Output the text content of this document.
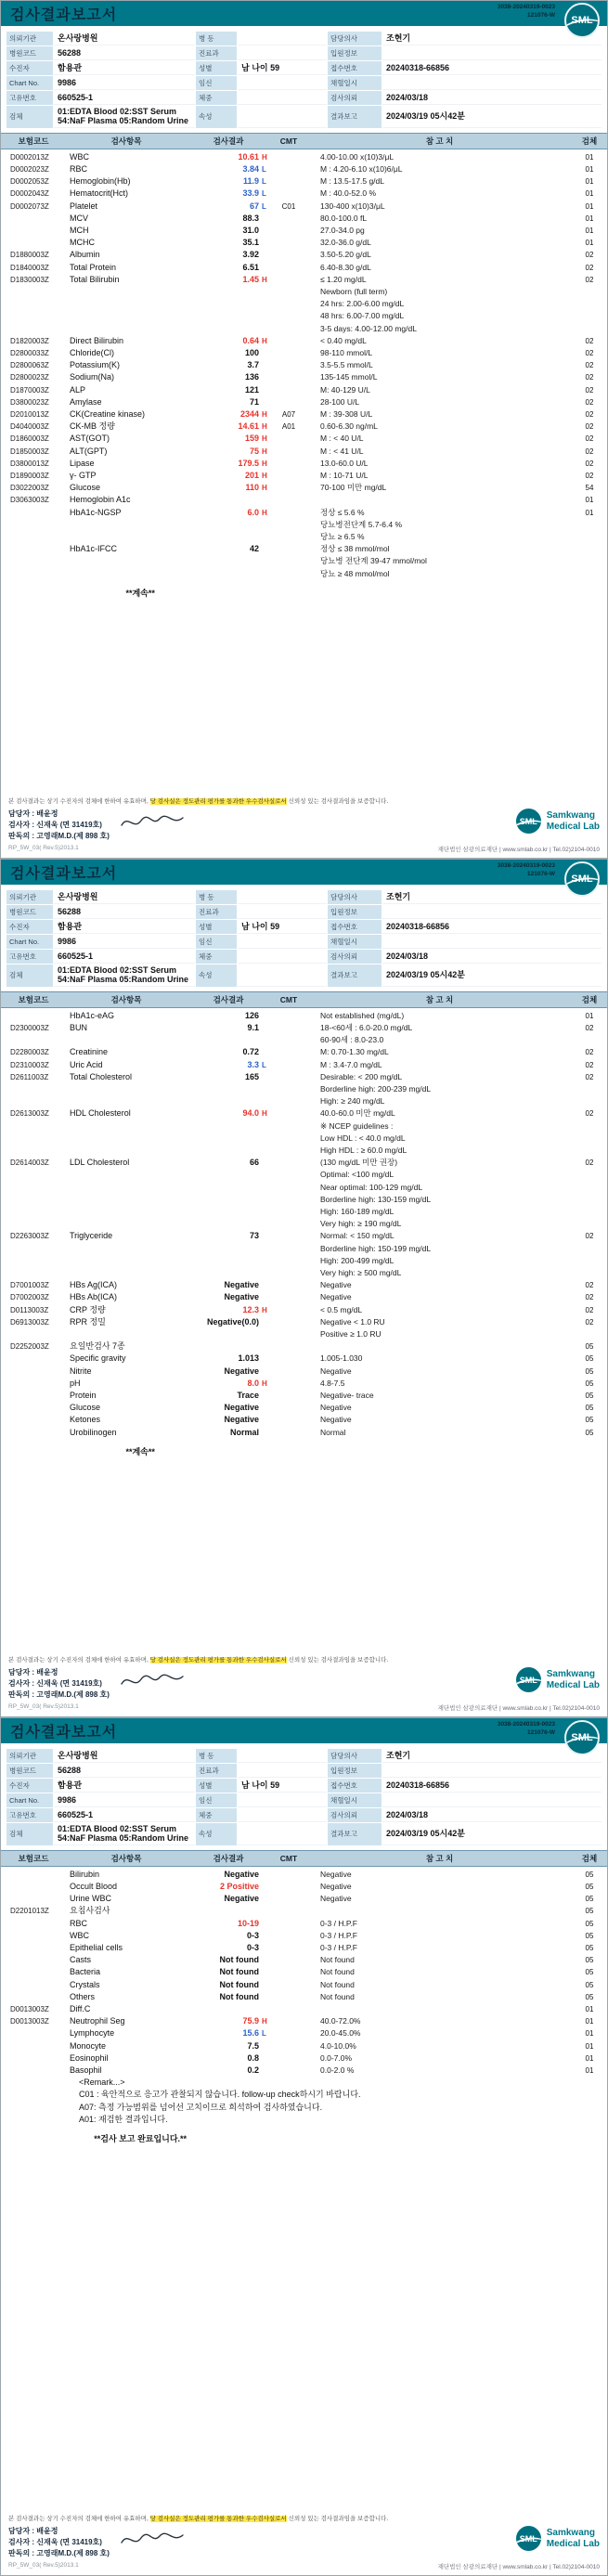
검사결과보고서
3038-20240319-0023
121076-W SML
의뢰기관	온사랑병원	병 동	담당의사	조현기
병원코드	56288	진료과	입원정보
수진자	함용관	성별	남 나이 59	접수번호	20240318-66856
Chart No.	9986	임신	채혈일시
고유번호	660525-1	체중	검사의뢰	2024/03/18
검체
01:EDTA Blood 02:SST Serum
54:NaF Plasma 05:Random Urine	속성	결과보고	2024/03/19 05시42분
보험코드	검사항목	검사결과	CMT	참 고 치	검체
D0002013Z	WBC	10.61 H	4.00-10.00 x(10)3/μL	01
D0002023Z	RBC	3.84 L	M : 4.20-6.10 x(10)6/μL	01
D0002053Z	Hemoglobin(Hb)	11.9 L	M : 13.5-17.5 g/dL	01
D0002043Z	Hematocrit(Hct)	33.9 L	M : 40.0-52.0 %	01
D0002073Z	Platelet	67 L	C01	130-400 x(10)3/μL	01
MCV	88.3	80.0-100.0 fL	01
MCH	31.0	27.0-34.0 pg	01
MCHC	35.1	32.0-36.0 g/dL	01
D1880003Z	Albumin	3.92	3.50-5.20 g/dL	02
D1840003Z	Total Protein	6.51	6.40-8.30 g/dL	02
D1830003Z	Total Bilirubin	1.45 H	≤ 1.20 mg/dL
Newborn (full term)
24 hrs: 2.00-6.00 mg/dL
48 hrs: 6.00-7.00 mg/dL
3-5 days: 4.00-12.00 mg/dL
02
D1820003Z	Direct Bilirubin	0.64 H	< 0.40 mg/dL	02
D2800033Z	Chloride(Cl)	100	98-110 mmol/L	02
D2800063Z	Potassium(K)	3.7	3.5-5.5 mmol/L	02
D2800023Z	Sodium(Na)	136	135-145 mmol/L	02
D1870003Z	ALP	121	M: 40-129 U/L	02
D3800023Z	Amylase	71	28-100 U/L	02
D2010013Z	CK(Creatine kinase)	2344 H	A07	M : 39-308 U/L	02
D4040003Z	CK-MB 정량	14.61 H	A01	0.60-6.30 ng/mL	02
D1860003Z	AST(GOT)	159 H	M : < 40 U/L	02
D1850003Z	ALT(GPT)	75 H	M : < 41 U/L	02
D3800013Z	Lipase	179.5 H	13.0-60.0 U/L	02
D1890003Z	γ- GTP	201 H	M : 10-71 U/L	02
D3022003Z	Glucose	110 H	70-100 미만 mg/dL	54
D3063003Z	Hemoglobin A1c	01
HbA1c-NGSP	6.0 H	정상 ≤ 5.6 %
당뇨병전단계 5.7-6.4 %
당뇨 ≥ 6.5 %
01
HbA1c-IFCC	42	정상 ≤ 38 mmol/mol
당뇨병 전단계 39-47 mmol/mol
당뇨 ≥ 48 mmol/mol
**계속**
본 검사결과는 상기 수진자의 검체에 한하여 유효하며, 당 검사실은 정도관리 평가를 통과한 우수검사실로서 신뢰성 있는 검사결과임을 보증합니다.
담당자 : 배윤정
검사자 : 신재욱 (면 31419호)
판독의 : 고영래M.D.(제 898 호)
SML
Samkwang
Medical Lab
RP_5W_03( Rev.5)2013.1	재단법인 삼광의료재단 | www.smlab.co.kr | Tel.02)2104-0010
검사결과보고서
3038-20240319-0023
121076-W SML
의뢰기관	온사랑병원	병 동	담당의사	조현기
병원코드	56288	진료과	입원정보
수진자	함용관	성별	남 나이 59	접수번호	20240318-66856
Chart No.	9986	임신	채혈일시
고유번호	660525-1	체중	검사의뢰	2024/03/18
검체
01:EDTA Blood 02:SST Serum
54:NaF Plasma 05:Random Urine	속성	결과보고	2024/03/19 05시42분
보험코드	검사항목	검사결과	CMT	참 고 치	검체
HbA1c-eAG	126	Not established (mg/dL)	01
D2300003Z	BUN	9.1	18-<60세 : 6.0-20.0 mg/dL
60-90세 : 8.0-23.0
02
D2280003Z	Creatinine	0.72	M: 0.70-1.30 mg/dL	02
D2310003Z	Uric Acid	3.3 L	M : 3.4-7.0 mg/dL	02
D2611003Z	Total Cholesterol	165	Desirable: < 200 mg/dL
Borderline high: 200-239 mg/dL
High: ≥ 240 mg/dL
02
D2613003Z	HDL Cholesterol	94.0 H	40.0-60.0 미만 mg/dL
※ NCEP guidelines :
Low HDL : < 40.0 mg/dL
High HDL : ≥ 60.0 mg/dL
02
D2614003Z	LDL Cholesterol	66	(130 mg/dL 미만 권장)
Optimal: <100 mg/dL
Near optimal: 100-129 mg/dL
Borderline high: 130-159 mg/dL
High: 160-189 mg/dL
Very high: ≥ 190 mg/dL
02
D2263003Z	Triglyceride	73	Normal: < 150 mg/dL
Borderline high: 150-199 mg/dL
High: 200-499 mg/dL
Very high: ≥ 500 mg/dL
02
D7001003Z	HBs Ag(ICA)	Negative	Negative	02
D7002003Z	HBs Ab(ICA)	Negative	Negative	02
D0113003Z	CRP 정량	12.3 H	< 0.5 mg/dL	02
D6913003Z	RPR 정밀	Negative(0.0)	Negative < 1.0 RU
Positive ≥ 1.0 RU
02
D2252003Z	요일반검사 7종	05
Specific gravity	1.013	1.005-1.030	05
Nitrite	Negative	Negative	05
pH	8.0 H	4.8-7.5	05
Protein	Trace	Negative- trace	05
Glucose	Negative	Negative	05
Ketones	Negative	Negative	05
Urobilinogen	Normal	Normal	05
**계속**
본 검사결과는 상기 수진자의 검체에 한하여 유효하며, 당 검사실은 정도관리 평가를 통과한 우수검사실로서 신뢰성 있는 검사결과임을 보증합니다.
담당자 : 배윤정
검사자 : 신재욱 (면 31419호)
판독의 : 고영래M.D.(제 898 호)
SML
Samkwang
Medical Lab
RP_5W_03( Rev.5)2013.1	재단법인 삼광의료재단 | www.smlab.co.kr | Tel.02)2104-0010
검사결과보고서
3038-20240319-0023
121076-W SML
의뢰기관	온사랑병원	병 동	담당의사	조현기
병원코드	56288	진료과	입원정보
수진자	함용관	성별	남 나이 59	접수번호	20240318-66856
Chart No.	9986	임신	채혈일시
고유번호	660525-1	체중	검사의뢰	2024/03/18
검체
01:EDTA Blood 02:SST Serum
54:NaF Plasma 05:Random Urine	속성	결과보고	2024/03/19 05시42분
보험코드	검사항목	검사결과	CMT	참 고 치	검체
Bilirubin	Negative	Negative	05
Occult Blood	2 Positive	Negative	05
Urine WBC	Negative	Negative	05
D2201013Z	요침사검사	05
RBC	10-19	0-3 / H.P.F	05
WBC	0-3	0-3 / H.P.F	05
Epithelial cells	0-3	0-3 / H.P.F	05
Casts	Not found	Not found	05
Bacteria	Not found	Not found	05
Crystals	Not found	Not found	05
Others	Not found	Not found	05
D0013003Z	Diff.C	01
D0013003Z	Neutrophil Seg	75.9 H	40.0-72.0%	01
Lymphocyte	15.6 L	20.0-45.0%	01
Monocyte	7.5	4.0-10.0%	01
Eosinophil	0.8	0.0-7.0%	01
Basophil	0.2	0.0-2.0 %	01
<Remark...>
C01 : 육안적으로 응고가 관찰되지 않습니다. follow-up check하시기 바랍니다.
A07: 측정 가능범위를 넘어선 고치이므로 희석하여 검사하였습니다.
A01: 재검한 결과입니다.
**검사 보고 완료입니다.**
본 검사결과는 상기 수진자의 검체에 한하여 유효하며, 당 검사실은 정도관리 평가를 통과한 우수검사실로서 신뢰성 있는 검사결과임을 보증합니다.
담당자 : 배윤정
검사자 : 신재욱 (면 31419호)
판독의 : 고영래M.D.(제 898 호)
SML
Samkwang
Medical Lab
RP_5W_03( Rev.5)2013.1	재단법인 삼광의료재단 | www.smlab.co.kr | Tel.02)2104-0010
